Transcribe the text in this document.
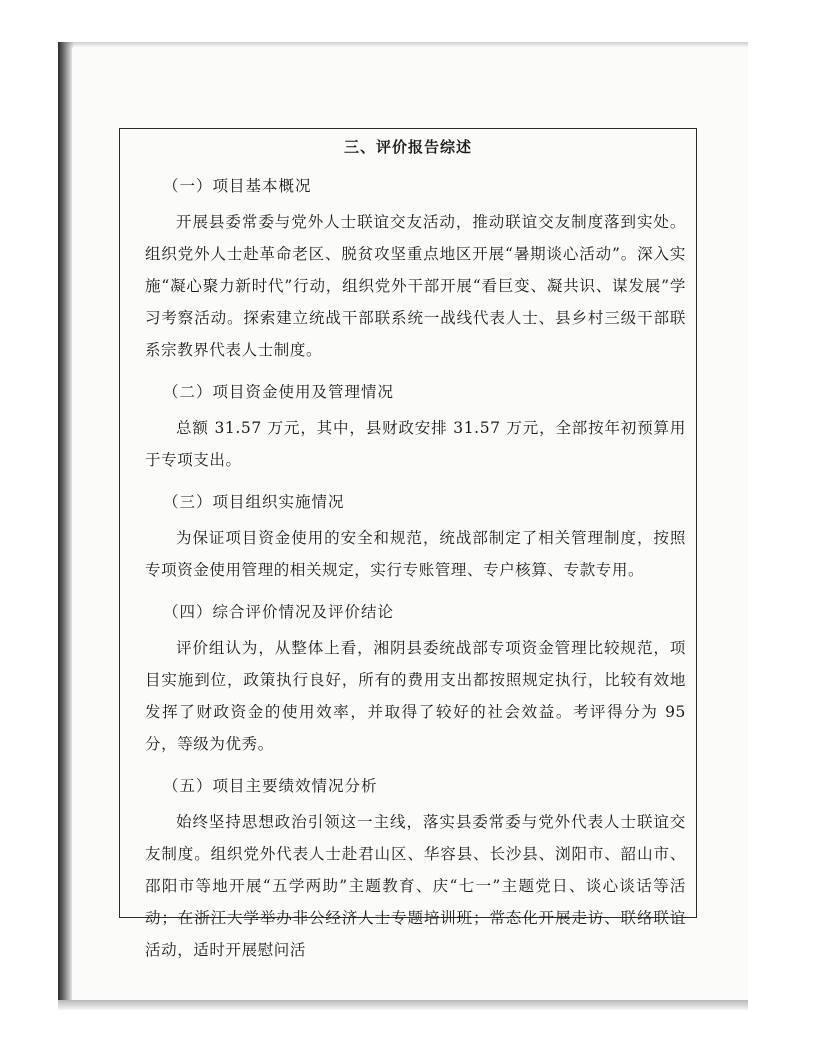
三、评价报告综述
（一）项目基本概况
开展县委常委与党外人士联谊交友活动，推动联谊交友制度落到实处。组织党外人士赴革命老区、脱贫攻坚重点地区开展“暑期谈心活动”。深入实施“凝心聚力新时代”行动，组织党外干部开展“看巨变、凝共识、谋发展”学习考察活动。探索建立统战干部联系统一战线代表人士、县乡村三级干部联系宗教界代表人士制度。
（二）项目资金使用及管理情况
总额 31.57 万元，其中，县财政安排 31.57 万元，全部按年初预算用于专项支出。
（三）项目组织实施情况
为保证项目资金使用的安全和规范，统战部制定了相关管理制度，按照专项资金使用管理的相关规定，实行专账管理、专户核算、专款专用。
（四）综合评价情况及评价结论
评价组认为，从整体上看，湘阴县委统战部专项资金管理比较规范，项目实施到位，政策执行良好，所有的费用支出都按照规定执行，比较有效地发挥了财政资金的使用效率，并取得了较好的社会效益。考评得分为 95 分，等级为优秀。
（五）项目主要绩效情况分析
始终坚持思想政治引领这一主线，落实县委常委与党外代表人士联谊交友制度。组织党外代表人士赴君山区、华容县、长沙县、浏阳市、韶山市、邵阳市等地开展“五学两助”主题教育、庆“七一”主题党日、谈心谈话等活动；在浙江大学举办非公经济人士专题培训班；常态化开展走访、联络联谊活动，适时开展慰问活
